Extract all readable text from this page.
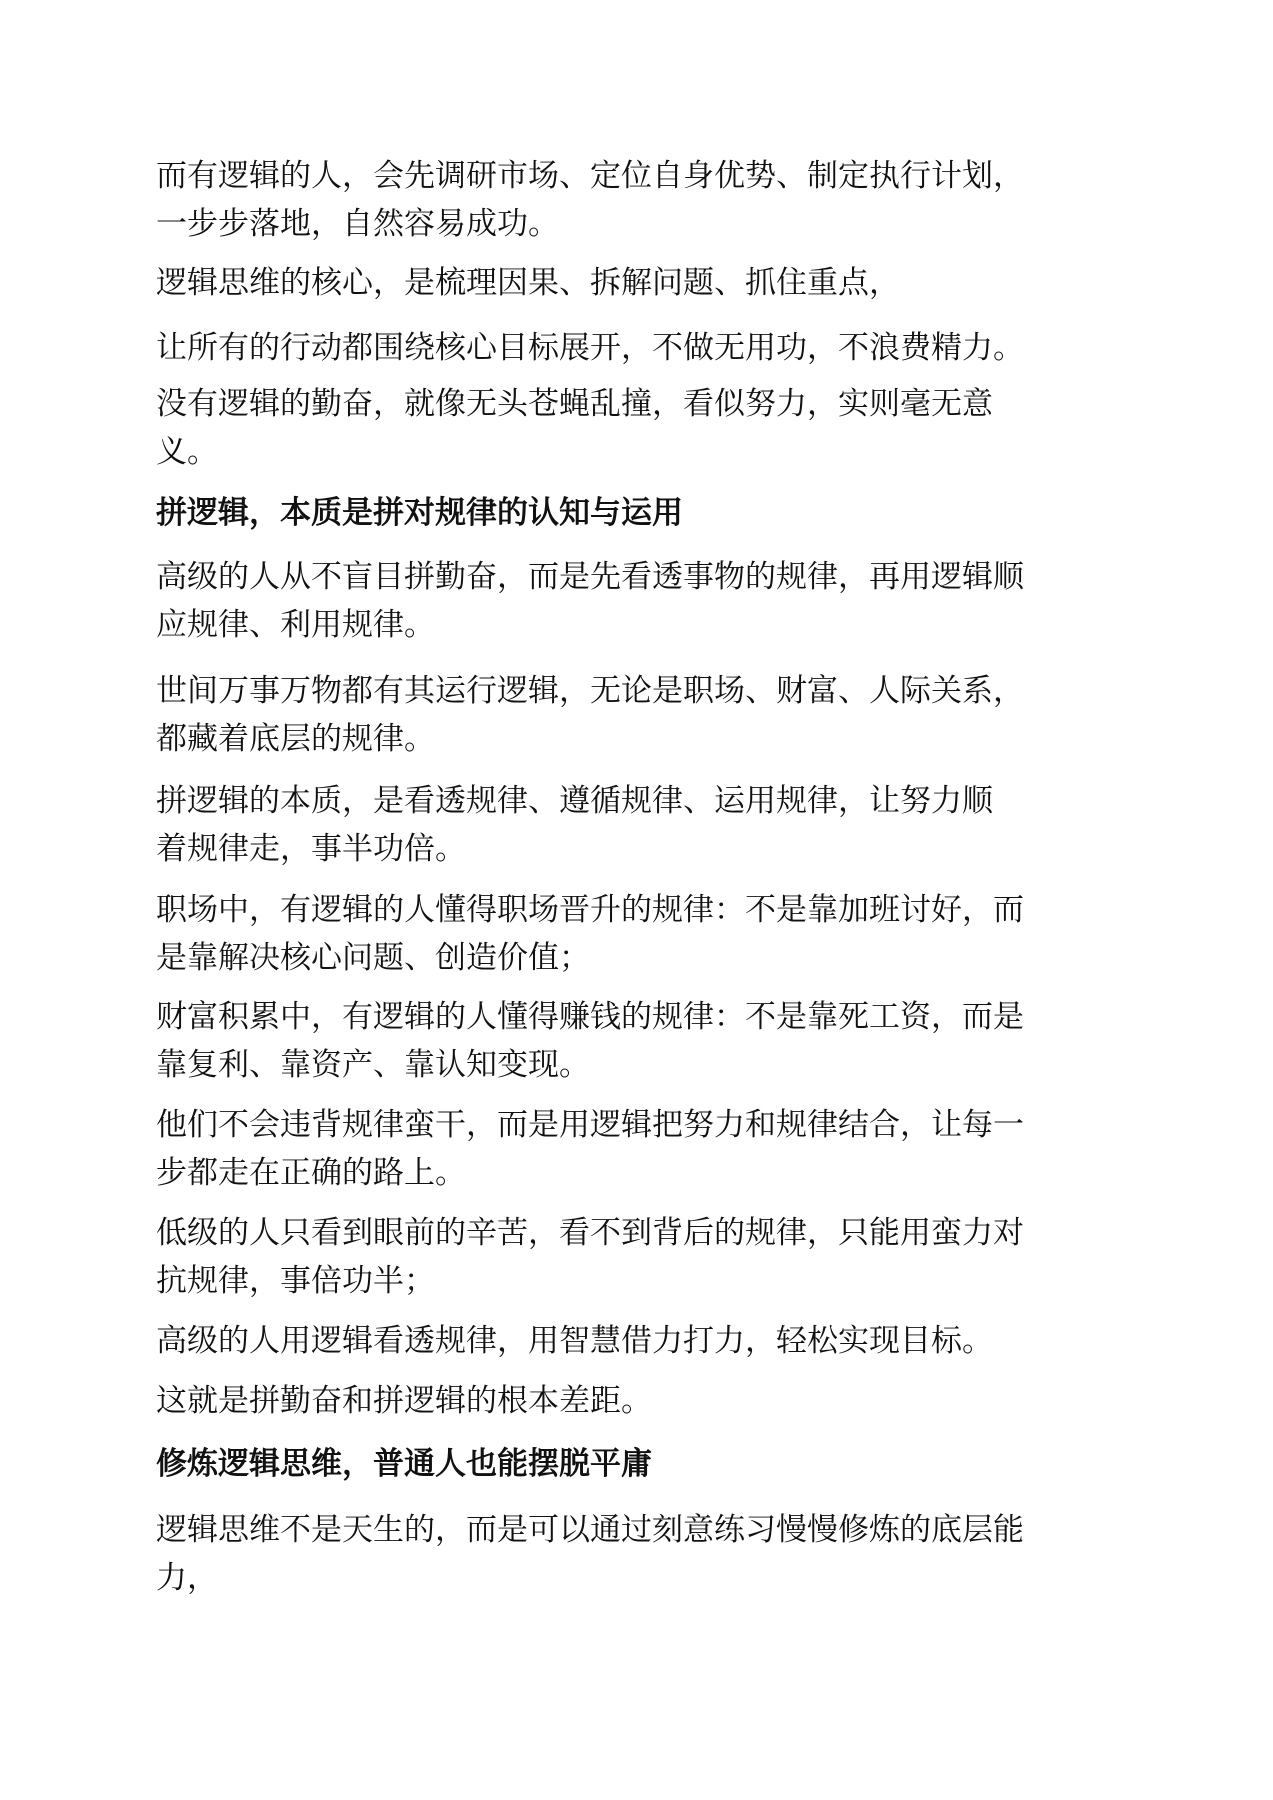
而有逻辑的人，会先调研市场、定位自身优势、制定执行计划，
一步步落地，自然容易成功。

逻辑思维的核心，是梳理因果、拆解问题、抓住重点，

让所有的行动都围绕核心目标展开，不做无用功，不浪费精力。

没有逻辑的勤奋，就像无头苍蝇乱撞，看似努力，实则毫无意
义。

拼逻辑，本质是拼对规律的认知与运用

高级的人从不盲目拼勤奋，而是先看透事物的规律，再用逻辑顺
应规律、利用规律。

世间万事万物都有其运行逻辑，无论是职场、财富、人际关系，
都藏着底层的规律。

拼逻辑的本质，是看透规律、遵循规律、运用规律，让努力顺
着规律走，事半功倍。

职场中，有逻辑的人懂得职场晋升的规律：不是靠加班讨好，而
是靠解决核心问题、创造价值；

财富积累中，有逻辑的人懂得赚钱的规律：不是靠死工资，而是
靠复利、靠资产、靠认知变现。

他们不会违背规律蛮干，而是用逻辑把努力和规律结合，让每一
步都走在正确的路上。

低级的人只看到眼前的辛苦，看不到背后的规律，只能用蛮力对
抗规律，事倍功半；

高级的人用逻辑看透规律，用智慧借力打力，轻松实现目标。

这就是拼勤奋和拼逻辑的根本差距。

修炼逻辑思维，普通人也能摆脱平庸

逻辑思维不是天生的，而是可以通过刻意练习慢慢修炼的底层能
力，
